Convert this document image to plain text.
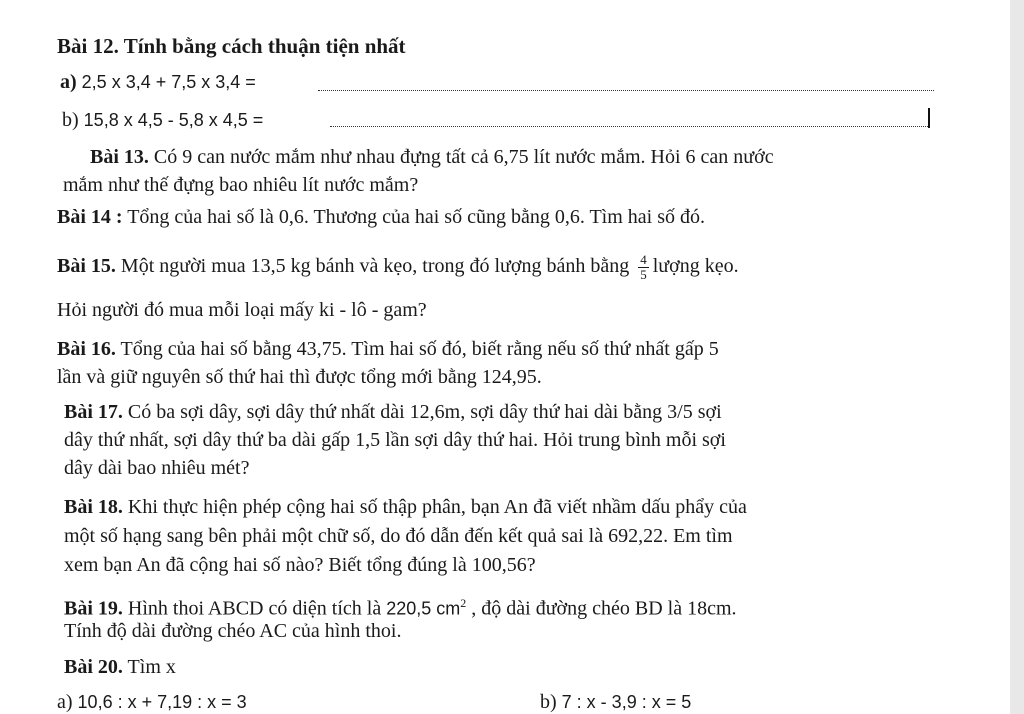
Bài 12. Tính bằng cách thuận tiện nhất
a) 2,5 x 3,4 + 7,5 x 3,4 =
b) 15,8 x 4,5 - 5,8 x 4,5 =
Bài 13. Có 9 can nước mắm như nhau đựng tất cả 6,75 lít nước mắm. Hỏi 6 can nước
mắm như thế đựng bao nhiêu lít nước mắm?
Bài 14 : Tổng của hai số là 0,6. Thương của hai số cũng bằng 0,6. Tìm hai số đó.
Bài 15. Một người mua 13,5 kg bánh và kẹo, trong đó lượng bánh bằng $\frac{4}{5}$ lượng kẹo.
Hỏi người đó mua mỗi loại mấy ki - lô - gam?
Bài 16. Tổng của hai số bằng 43,75. Tìm hai số đó, biết rằng nếu số thứ nhất gấp 5
lần và giữ nguyên số thứ hai thì được tổng mới bằng 124,95.
Bài 17. Có ba sợi dây, sợi dây thứ nhất dài 12,6m, sợi dây thứ hai dài bằng 3/5 sợi
dây thứ nhất, sợi dây thứ ba dài gấp 1,5 lần sợi dây thứ hai. Hỏi trung bình mỗi sợi
dây dài bao nhiêu mét?
Bài 18. Khi thực hiện phép cộng hai số thập phân, bạn An đã viết nhầm dấu phẩy của
một số hạng sang bên phải một chữ số, do đó dẫn đến kết quả sai là 692,22. Em tìm
xem bạn An đã cộng hai số nào? Biết tổng đúng là 100,56?
Bài 19. Hình thoi ABCD có diện tích là 220,5 $cm^2$ , độ dài đường chéo BD là 18cm.
Tính độ dài đường chéo AC của hình thoi.
Bài 20. Tìm x
a) 10,6 : x + 7,19 : x = 3	b) 7 : x - 3,9 : x = 5
